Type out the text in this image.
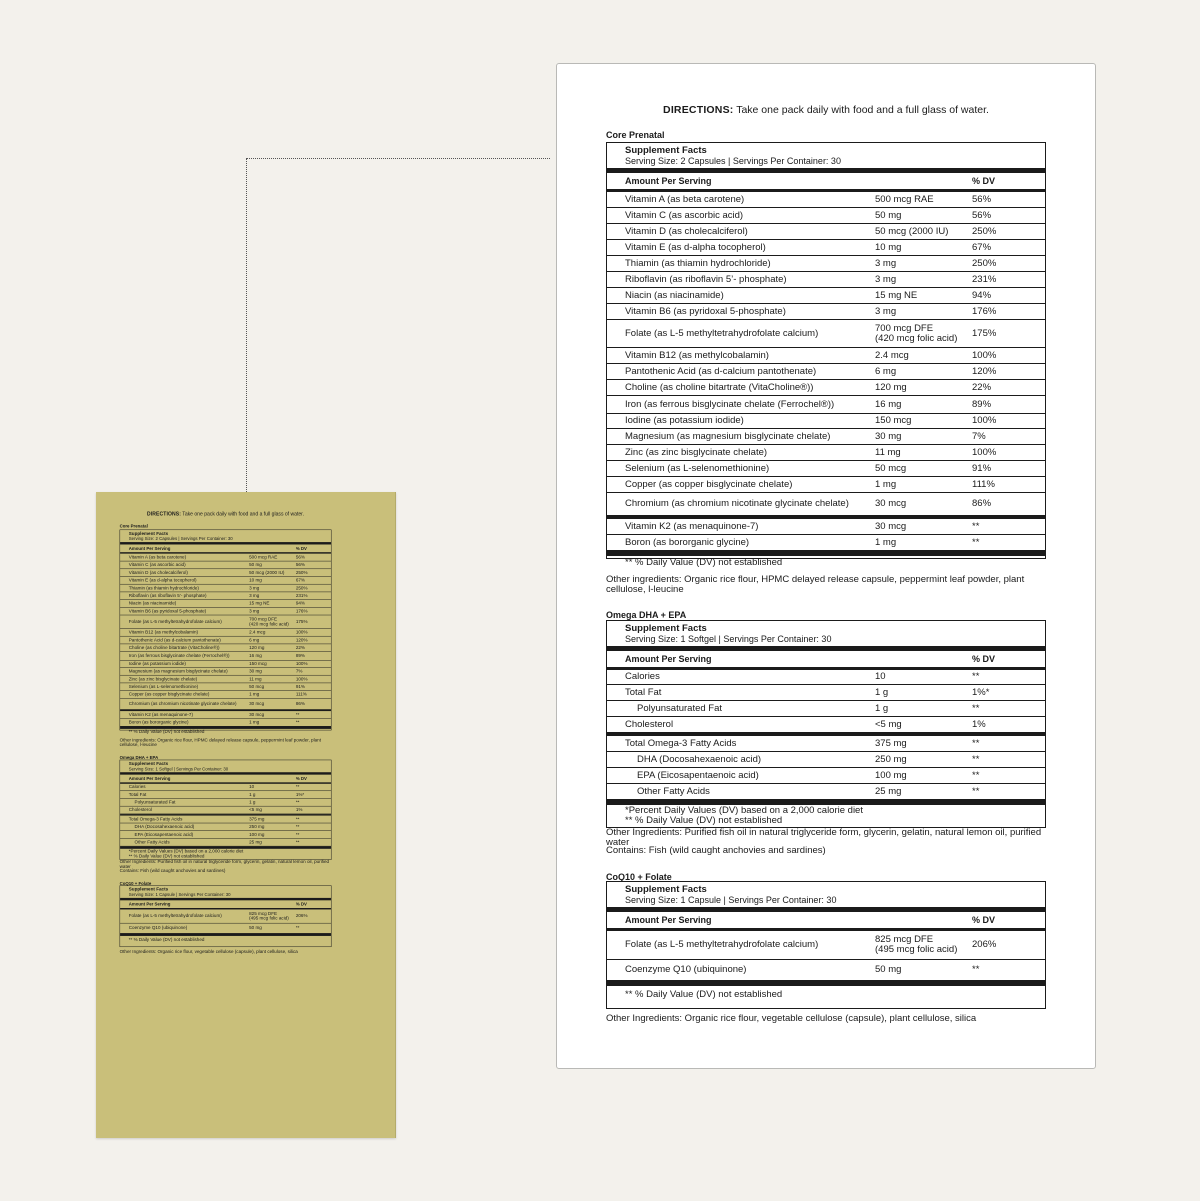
DIRECTIONS: Take one pack daily with food and a full glass of water.
Core Prenatal
Supplement Facts
Serving Size: 2 Capsules | Servings Per Container: 30
Amount Per Serving	% DV
Vitamin A (as beta carotene)	500 mcg RAE	56%
Vitamin C (as ascorbic acid)	50 mg	56%
Vitamin D (as cholecalciferol)	50 mcg (2000 IU)	250%
Vitamin E (as d-alpha tocopherol)	10 mg	67%
Thiamin (as thiamin hydrochloride)	3 mg	250%
Riboflavin (as riboflavin 5’- phosphate)	3 mg	231%
Niacin (as niacinamide)	15 mg NE	94%
Vitamin B6 (as pyridoxal 5-phosphate)	3 mg	176%
Folate (as L-5 methyltetrahydrofolate calcium)	700 mcg DFE
(420 mcg folic acid)	175%
Vitamin B12 (as methylcobalamin)	2.4 mcg	100%
Pantothenic Acid (as d-calcium pantothenate)	6 mg	120%
Choline (as choline bitartrate (VitaCholine®))	120 mg	22%
Iron (as ferrous bisglycinate chelate (Ferrochel®))	16 mg	89%
Iodine (as potassium iodide)	150 mcg	100%
Magnesium (as magnesium bisglycinate chelate)	30 mg	7%
Zinc (as zinc bisglycinate chelate)	11 mg	100%
Selenium (as L-selenomethionine)	50 mcg	91%
Copper (as copper bisglycinate chelate)	1 mg	111%
Chromium (as chromium nicotinate glycinate chelate)	30 mcg	86%
Vitamin K2 (as menaquinone-7)	30 mcg	**
Boron (as bororganic glycine)	1 mg	**
** % Daily Value (DV) not established
Other ingredients: Organic rice flour, HPMC delayed release capsule, peppermint leaf powder, plant cellulose, l-leucine
Omega DHA + EPA
Supplement Facts
Serving Size: 1 Softgel | Servings Per Container: 30
Amount Per Serving	% DV
Calories	10	**
Total Fat	1 g	1%*
Polyunsaturated Fat	1 g	**
Cholesterol	<5 mg	1%
Total Omega-3 Fatty Acids	375 mg	**
DHA (Docosahexaenoic acid)	250 mg	**
EPA (Eicosapentaenoic acid)	100 mg	**
Other Fatty Acids	25 mg	**
*Percent Daily Values (DV) based on a 2,000 calorie diet
** % Daily Value (DV) not established
Other Ingredients: Purified fish oil in natural triglyceride form, glycerin, gelatin, natural lemon oil, purified water
Contains: Fish (wild caught anchovies and sardines)
CoQ10 + Folate
Supplement Facts
Serving Size: 1 Capsule | Servings Per Container: 30
Amount Per Serving	% DV
Folate (as L-5 methyltetrahydrofolate calcium)	825 mcg DFE
(495 mcg folic acid)	206%
Coenzyme Q10 (ubiquinone)	50 mg	**
** % Daily Value (DV) not established
Other Ingredients: Organic rice flour, vegetable cellulose (capsule), plant cellulose, silica
DIRECTIONS: Take one pack daily with food and a full glass of water.
Core Prenatal
Supplement Facts
Serving Size: 2 Capsules | Servings Per Container: 30
Amount Per Serving	% DV
Vitamin A (as beta carotene)	500 mcg RAE	56%
Vitamin C (as ascorbic acid)	50 mg	56%
Vitamin D (as cholecalciferol)	50 mcg (2000 IU)	250%
Vitamin E (as d-alpha tocopherol)	10 mg	67%
Thiamin (as thiamin hydrochloride)	3 mg	250%
Riboflavin (as riboflavin 5’- phosphate)	3 mg	231%
Niacin (as niacinamide)	15 mg NE	94%
Vitamin B6 (as pyridoxal 5-phosphate)	3 mg	176%
Folate (as L-5 methyltetrahydrofolate calcium)	700 mcg DFE
(420 mcg folic acid) 175%
Vitamin B12 (as methylcobalamin)	2.4 mcg	100%
Pantothenic Acid (as d-calcium pantothenate)	6 mg	120%
Choline (as choline bitartrate (VitaCholine®))	120 mg	22%
Iron (as ferrous bisglycinate chelate (Ferrochel®))	16 mg	89%
Iodine (as potassium iodide)	150 mcg	100%
Magnesium (as magnesium bisglycinate chelate)	30 mg	7%
Zinc (as zinc bisglycinate chelate)	11 mg	100%
Selenium (as L-selenomethionine)	50 mcg	91%
Copper (as copper bisglycinate chelate)	1 mg	111%
Chromium (as chromium nicotinate glycinate chelate)	30 mcg	86%
Vitamin K2 (as menaquinone-7)	30 mcg	**
Boron (as bororganic glycine)	1 mg	**
** % Daily Value (DV) not established
Other ingredients: Organic rice flour, HPMC delayed release capsule, peppermint leaf powder, plant cellulose, l-leucine
Omega DHA + EPA
Supplement Facts
Serving Size: 1 Softgel | Servings Per Container: 30
Amount Per Serving	% DV
Calories	10	**
Total Fat	1 g	1%*
Polyunsaturated Fat	1 g	**
Cholesterol	<5 mg	1%
Total Omega-3 Fatty Acids	375 mg	**
DHA (Docosahexaenoic acid)	250 mg	**
EPA (Eicosapentaenoic acid)	100 mg	**
Other Fatty Acids	25 mg	**
*Percent Daily Values (DV) based on a 2,000 calorie diet
** % Daily Value (DV) not established
Other Ingredients: Purified fish oil in natural triglyceride form, glycerin, gelatin, natural lemon oil, purified water
Contains: Fish (wild caught anchovies and sardines)
CoQ10 + Folate
Supplement Facts
Serving Size: 1 Capsule | Servings Per Container: 30
Amount Per Serving	% DV
Folate (as L-5 methyltetrahydrofolate calcium)	825 mcg DFE
(495 mcg folic acid) 206%
Coenzyme Q10 (ubiquinone)	50 mg	**
** % Daily Value (DV) not established
Other Ingredients: Organic rice flour, vegetable cellulose (capsule), plant cellulose, silica
